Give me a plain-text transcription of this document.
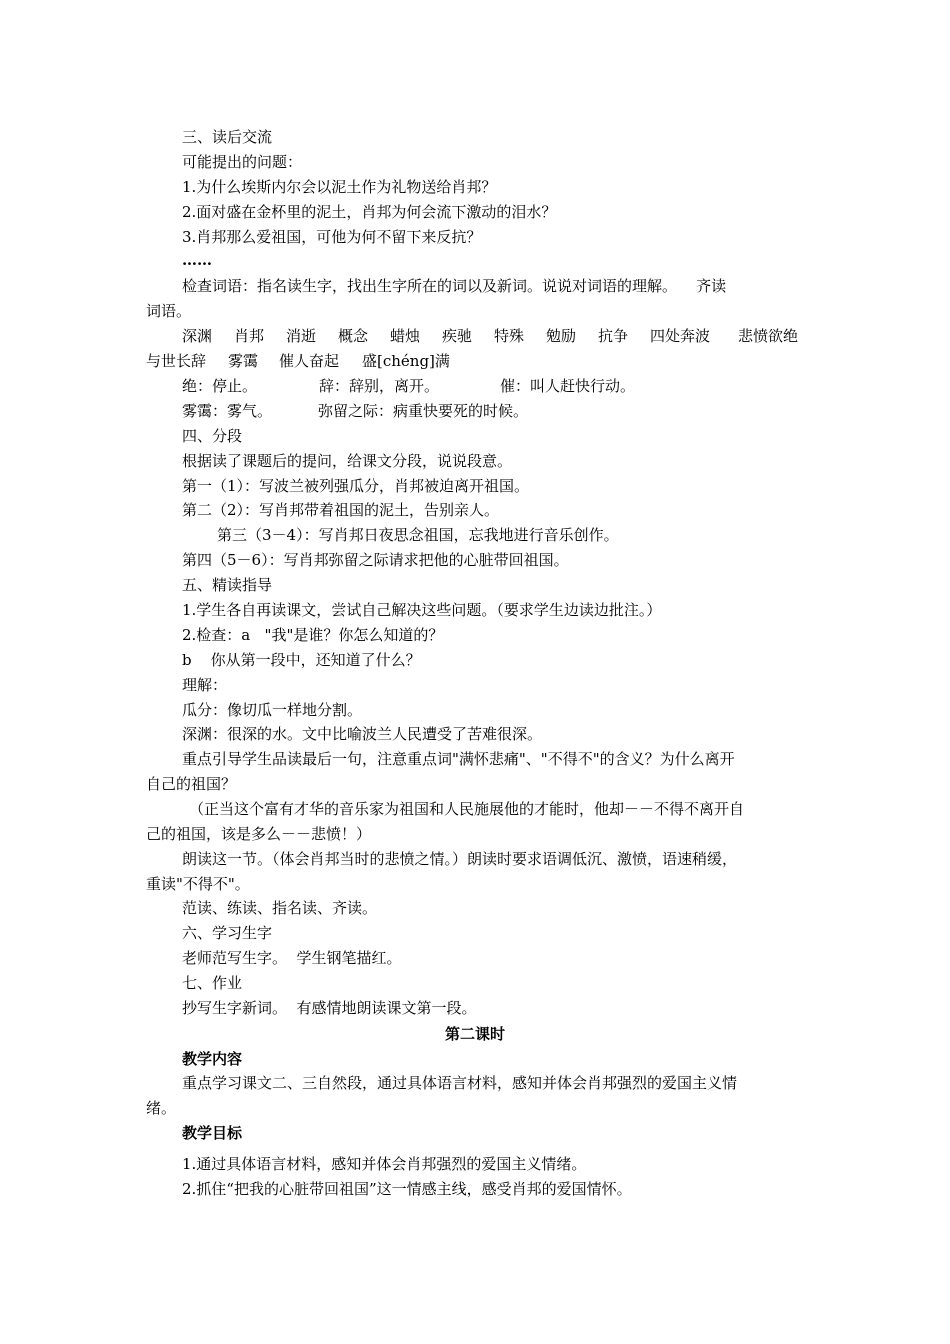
三、读后交流
可能提出的问题：
1.为什么埃斯内尔会以泥土作为礼物送给肖邦？
2.面对盛在金杯里的泥土，肖邦为何会流下激动的泪水？
3.肖邦那么爱祖国，可他为何不留下来反抗？
……
检查词语：指名读生字，找出生字所在的词以及新词。说说对词语的理解。    齐读
词语。
深渊 肖邦 消逝 概念 蜡烛 疾驰 特殊 勉励 抗争 四处奔波 悲愤欲绝
与世长辞 雾霭 催人奋起 盛[chéng]满
绝：停止。	辞：辞别，离开。	催：叫人赶快行动。
雾霭：雾气。	弥留之际：病重快要死的时候。
四、分段
根据读了课题后的提问，给课文分段，说说段意。
第一（1）：写波兰被列强瓜分，肖邦被迫离开祖国。
第二（2）：写肖邦带着祖国的泥土，告别亲人。
第三（3－4）：写肖邦日夜思念祖国，忘我地进行音乐创作。
第四（5－6）：写肖邦弥留之际请求把他的心脏带回祖国。
五、精读指导
1.学生各自再读课文，尝试自己解决这些问题。（要求学生边读边批注。）
2.检查：a   "我"是谁？你怎么知道的？
b    你从第一段中，还知道了什么？
理解：
瓜分：像切瓜一样地分割。
深渊：很深的水。文中比喻波兰人民遭受了苦难很深。
重点引导学生品读最后一句，注意重点词"满怀悲痛"、"不得不"的含义？为什么离开
自己的祖国？
（正当这个富有才华的音乐家为祖国和人民施展他的才能时，他却－－不得不离开自
己的祖国，该是多么－－悲愤！）
朗读这一节。（体会肖邦当时的悲愤之情。）朗读时要求语调低沉、激愤，语速稍缓，
重读"不得不"。
范读、练读、指名读、齐读。
六、学习生字
老师范写生字。  学生钢笔描红。
七、作业
抄写生字新词。  有感情地朗读课文第一段。
第二课时
教学内容
重点学习课文二、三自然段，通过具体语言材料，感知并体会肖邦强烈的爱国主义情
绪。
教学目标
1.通过具体语言材料，感知并体会肖邦强烈的爱国主义情绪。
2.抓住“把我的心脏带回祖国”这一情感主线，感受肖邦的爱国情怀。
